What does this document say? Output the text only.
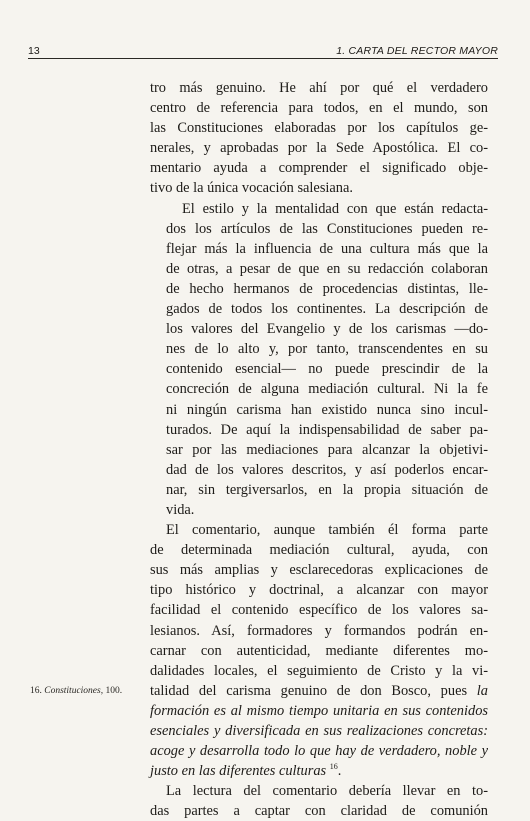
13	1. CARTA DEL RECTOR MAYOR

tro más genuino. He ahí por qué el verdadero
centro de referencia para todos, en el mundo, son
las Constituciones elaboradas por los capítulos ge-
nerales, y aprobadas por la Sede Apostólica. El co-
mentario ayuda a comprender el significado obje-
tivo de la única vocación salesiana.

El estilo y la mentalidad con que están redacta-
dos los artículos de las Constituciones pueden re-
flejar más la influencia de una cultura más que la
de otras, a pesar de que en su redacción colaboran
de hecho hermanos de procedencias distintas, lle-
gados de todos los continentes. La descripción de
los valores del Evangelio y de los carismas —do-
nes de lo alto y, por tanto, transcendentes en su
contenido esencial— no puede prescindir de la
concreción de alguna mediación cultural. Ni la fe
ni ningún carisma han existido nunca sino incul-
turados. De aquí la indispensabilidad de saber pa-
sar por las mediaciones para alcanzar la objetivi-
dad de los valores descritos, y así poderlos encar-
nar, sin tergiversarlos, en la propia situación de
vida.

El comentario, aunque también él forma parte
de determinada mediación cultural, ayuda, con
sus más amplias y esclarecedoras explicaciones de
tipo histórico y doctrinal, a alcanzar con mayor
facilidad el contenido específico de los valores sa-
lesianos. Así, formadores y formandos podrán en-
carnar con autenticidad, mediante diferentes mo-
dalidades locales, el seguimiento de Cristo y la vi-
talidad del carisma genuino de don Bosco, pues la
formación es al mismo tiempo unitaria en sus contenidos
esenciales y diversificada en sus realizaciones concretas:
acoge y desarrolla todo lo que hay de verdadero, noble y
justo en las diferentes culturas $^{16}$.

La lectura del comentario debería llevar en to-
das partes a captar con claridad de comunión

16. Constituciones, 100.
